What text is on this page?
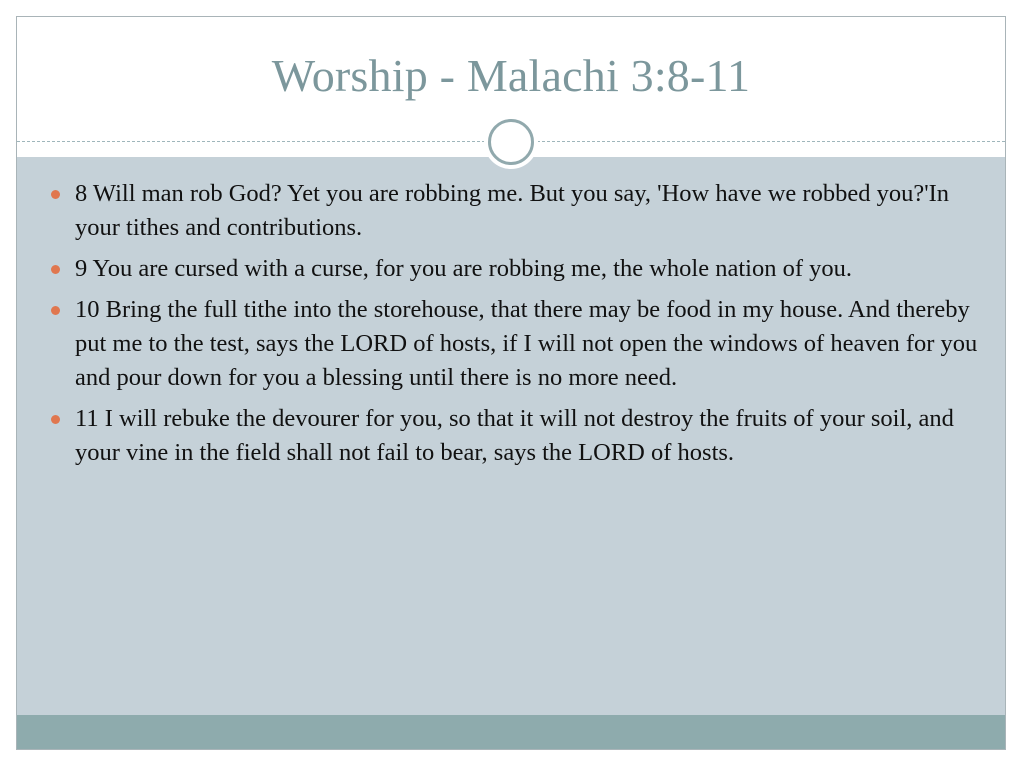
Worship - Malachi 3:8-11
8 Will man rob God? Yet you are robbing me. But you say, 'How have we robbed you?'In your tithes and contributions.
9 You are cursed with a curse, for you are robbing me, the whole nation of you.
10 Bring the full tithe into the storehouse, that there may be food in my house. And thereby put me to the test, says the LORD of hosts, if I will not open the windows of heaven for you and pour down for you a blessing until there is no more need.
11 I will rebuke the devourer for you, so that it will not destroy the fruits of your soil, and your vine in the field shall not fail to bear, says the LORD of hosts.
